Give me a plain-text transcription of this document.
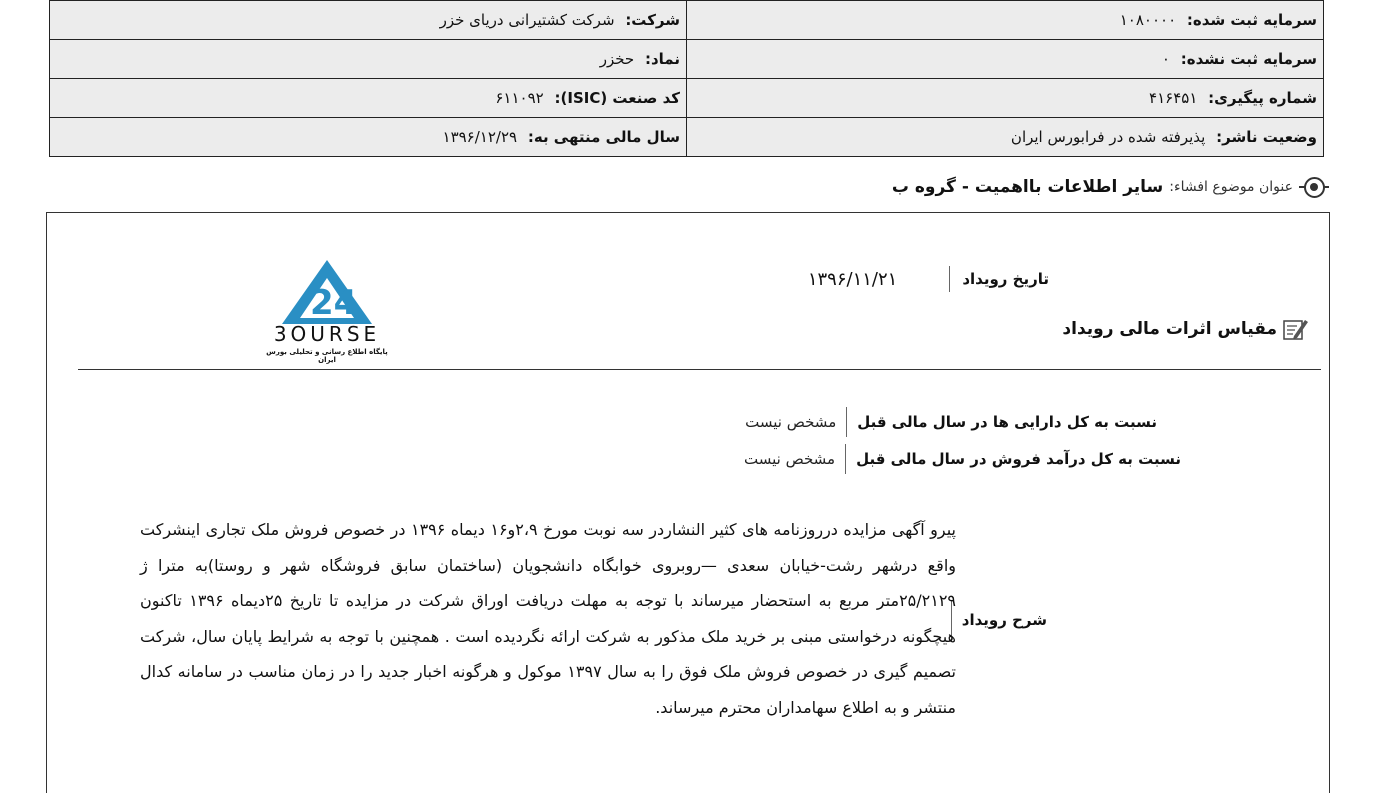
شرکت: شرکت کشتیرانی دریای خزر	سرمایه ثبت شده: ۱۰۸۰۰۰۰
نماد: حخزر	سرمایه ثبت نشده: ۰
کد صنعت (ISIC): ۶۱۱۰۹۲	شماره پیگیری: ۴۱۶۴۵۱
سال مالی منتهی به: ۱۳۹۶/۱۲/۲۹	وضعیت ناشر: پذیرفته شده در فرابورس ایران
عنوان موضوع افشاء:
سایر اطلاعات بااهمیت - گروه ب
24
3OURSE
پایگاه اطلاع رسانی و تحلیلی بورس ایران
تاریخ رویداد
۱۳۹۶/۱۱/۲۱
مقیاس اثرات مالی رویداد
نسبت به کل دارایی ها در سال مالی قبل
مشخص نیست
نسبت به کل درآمد فروش در سال مالی قبل
مشخص نیست
شرح رویداد
پیرو آگهی مزایده درروزنامه های کثیر النشاردر سه نوبت مورخ ۲،۹و۱۶ دیماه ۱۳۹۶ در خصوص فروش ملک تجاری اینشرکت واقع درشهر رشت-خیابان سعدی —روبروی خوابگاه دانشجویان (ساختمان سابق فروشگاه شهر و روستا)به مترا ژ ۲۵/۲۱۲۹متر مربع به استحضار میرساند با توجه به مهلت دریافت اوراق شرکت در مزایده تا تاریخ ۲۵دیماه ۱۳۹۶ تاکنون هیچگونه درخواستی مبنی بر خرید ملک مذکور به شرکت ارائه نگردیده است . همچنین با توجه به شرایط پایان سال، شرکت تصمیم گیری در خصوص فروش ملک فوق را به سال ۱۳۹۷ موکول و هرگونه اخبار جدید را در زمان مناسب در سامانه کدال منتشر و به اطلاع سهامداران محترم میرساند.
